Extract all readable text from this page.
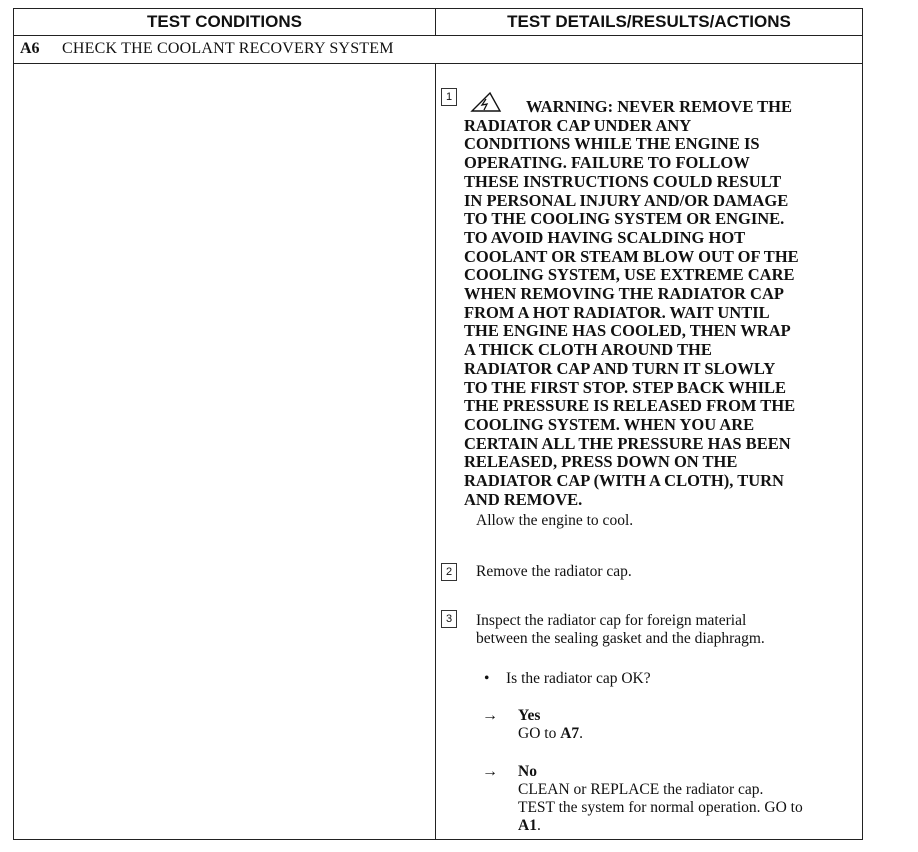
TEST CONDITIONS	TEST DETAILS/RESULTS/ACTIONS
A6 CHECK THE COOLANT RECOVERY SYSTEM
1	WARNING: NEVER REMOVE THE
RADIATOR CAP UNDER ANY
CONDITIONS WHILE THE ENGINE IS
OPERATING. FAILURE TO FOLLOW
THESE INSTRUCTIONS COULD RESULT
IN PERSONAL INJURY AND/OR DAMAGE
TO THE COOLING SYSTEM OR ENGINE.
TO AVOID HAVING SCALDING HOT
COOLANT OR STEAM BLOW OUT OF THE
COOLING SYSTEM, USE EXTREME CARE
WHEN REMOVING THE RADIATOR CAP
FROM A HOT RADIATOR. WAIT UNTIL
THE ENGINE HAS COOLED, THEN WRAP
A THICK CLOTH AROUND THE
RADIATOR CAP AND TURN IT SLOWLY
TO THE FIRST STOP. STEP BACK WHILE
THE PRESSURE IS RELEASED FROM THE
COOLING SYSTEM. WHEN YOU ARE
CERTAIN ALL THE PRESSURE HAS BEEN
RELEASED, PRESS DOWN ON THE
RADIATOR CAP (WITH A CLOTH), TURN
AND REMOVE.

Allow the engine to cool.

2	Remove the radiator cap.

3	Inspect the radiator cap for foreign material

between the sealing gasket and the diaphragm.

• Is the radiator cap OK?

→ Yes

GO to A7.

→ No

CLEAN or REPLACE the radiator cap.

TEST the system for normal operation. GO to

A1.
